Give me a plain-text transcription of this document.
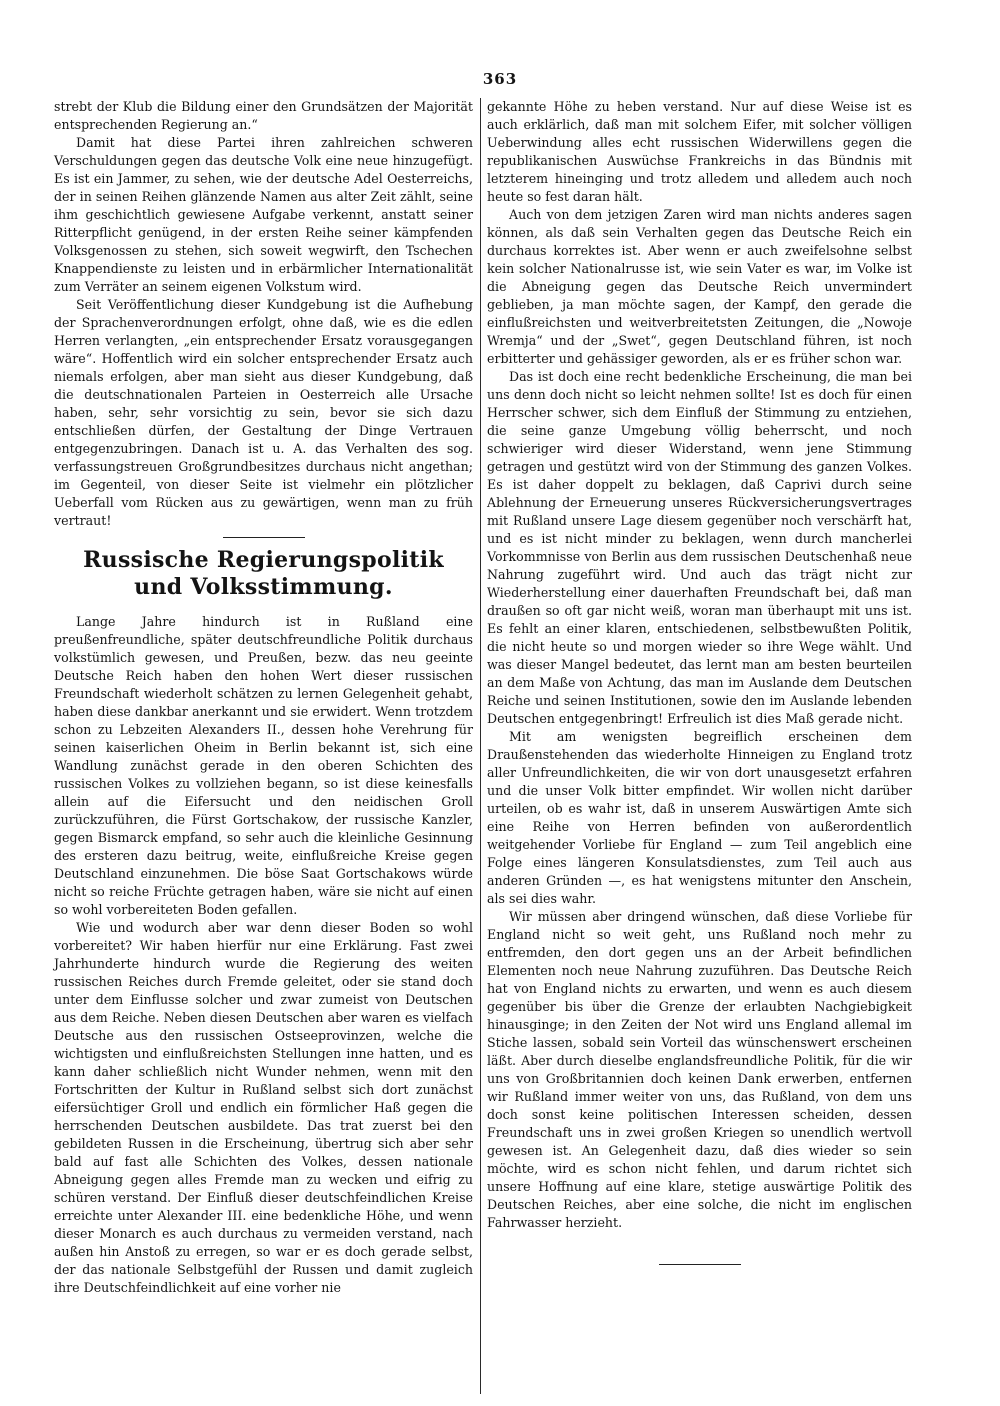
363

strebt der Klub die Bildung einer den Grundsätzen der Majorität entsprechenden Regierung an.“

Damit hat diese Partei ihren zahlreichen schweren Verschuldungen gegen das deutsche Volk eine neue hinzugefügt. Es ist ein Jammer, zu sehen, wie der deutsche Adel Oesterreichs, der in seinen Reihen glänzende Namen aus alter Zeit zählt, seine ihm geschichtlich gewiesene Aufgabe verkennt, anstatt seiner Ritterpflicht genügend, in der ersten Reihe seiner kämpfenden Volksgenossen zu stehen, sich soweit wegwirft, den Tschechen Knappendienste zu leisten und in erbärmlicher Internationalität zum Verräter an seinem eigenen Volkstum wird.

Seit Veröffentlichung dieser Kundgebung ist die Aufhebung der Sprachenverordnungen erfolgt, ohne daß, wie es die edlen Herren verlangten, „ein entsprechender Ersatz vorausgegangen wäre“. Hoffentlich wird ein solcher entsprechender Ersatz auch niemals erfolgen, aber man sieht aus dieser Kundgebung, daß die deutschnationalen Parteien in Oesterreich alle Ursache haben, sehr, sehr vorsichtig zu sein, bevor sie sich dazu entschließen dürfen, der Gestaltung der Dinge Vertrauen entgegenzubringen. Danach ist u. A. das Verhalten des sog. verfassungstreuen Großgrundbesitzes durchaus nicht angethan; im Gegenteil, von dieser Seite ist vielmehr ein plötzlicher Ueberfall vom Rücken aus zu gewärtigen, wenn man zu früh vertraut!

Russische Regierungspolitik
und Volksstimmung.

Lange Jahre hindurch ist in Rußland eine preußenfreundliche, später deutschfreundliche Politik durchaus volkstümlich gewesen, und Preußen, bezw. das neu geeinte Deutsche Reich haben den hohen Wert dieser russischen Freundschaft wiederholt schätzen zu lernen Gelegenheit gehabt, haben diese dankbar anerkannt und sie erwidert. Wenn trotzdem schon zu Lebzeiten Alexanders II., dessen hohe Verehrung für seinen kaiserlichen Oheim in Berlin bekannt ist, sich eine Wandlung zunächst gerade in den oberen Schichten des russischen Volkes zu vollziehen begann, so ist diese keinesfalls allein auf die Eifersucht und den neidischen Groll zurückzuführen, die Fürst Gortschakow, der russische Kanzler, gegen Bismarck empfand, so sehr auch die kleinliche Gesinnung des ersteren dazu beitrug, weite, einflußreiche Kreise gegen Deutschland einzunehmen. Die böse Saat Gortschakows würde nicht so reiche Früchte getragen haben, wäre sie nicht auf einen so wohl vorbereiteten Boden gefallen.

Wie und wodurch aber war denn dieser Boden so wohl vorbereitet? Wir haben hierfür nur eine Erklärung. Fast zwei Jahrhunderte hindurch wurde die Regierung des weiten russischen Reiches durch Fremde geleitet, oder sie stand doch unter dem Einflusse solcher und zwar zumeist von Deutschen aus dem Reiche. Neben diesen Deutschen aber waren es vielfach Deutsche aus den russischen Ostseeprovinzen, welche die wichtigsten und einflußreichsten Stellungen inne hatten, und es kann daher schließlich nicht Wunder nehmen, wenn mit den Fortschritten der Kultur in Rußland selbst sich dort zunächst eifersüchtiger Groll und endlich ein förmlicher Haß gegen die herrschenden Deutschen ausbildete. Das trat zuerst bei den gebildeten Russen in die Erscheinung, übertrug sich aber sehr bald auf fast alle Schichten des Volkes, dessen nationale Abneigung gegen alles Fremde man zu wecken und eifrig zu schüren verstand. Der Einfluß dieser deutschfeindlichen Kreise erreichte unter Alexander III. eine bedenkliche Höhe, und wenn dieser Monarch es auch durchaus zu vermeiden verstand, nach außen hin Anstoß zu erregen, so war er es doch gerade selbst, der das nationale Selbstgefühl der Russen und damit zugleich ihre Deutschfeindlichkeit auf eine vorher nie

gekannte Höhe zu heben verstand. Nur auf diese Weise ist es auch erklärlich, daß man mit solchem Eifer, mit solcher völligen Ueberwindung alles echt russischen Widerwillens gegen die republikanischen Auswüchse Frankreichs in das Bündnis mit letzterem hineinging und trotz alledem und alledem auch noch heute so fest daran hält.

Auch von dem jetzigen Zaren wird man nichts anderes sagen können, als daß sein Verhalten gegen das Deutsche Reich ein durchaus korrektes ist. Aber wenn er auch zweifelsohne selbst kein solcher Nationalrusse ist, wie sein Vater es war, im Volke ist die Abneigung gegen das Deutsche Reich unvermindert geblieben, ja man möchte sagen, der Kampf, den gerade die einflußreichsten und weitverbreitetsten Zeitungen, die „Nowoje Wremja“ und der „Swet“, gegen Deutschland führen, ist noch erbitterter und gehässiger geworden, als er es früher schon war.

Das ist doch eine recht bedenkliche Erscheinung, die man bei uns denn doch nicht so leicht nehmen sollte! Ist es doch für einen Herrscher schwer, sich dem Einfluß der Stimmung zu entziehen, die seine ganze Umgebung völlig beherrscht, und noch schwieriger wird dieser Widerstand, wenn jene Stimmung getragen und gestützt wird von der Stimmung des ganzen Volkes. Es ist daher doppelt zu beklagen, daß Caprivi durch seine Ablehnung der Erneuerung unseres Rückversicherungsvertrages mit Rußland unsere Lage diesem gegenüber noch verschärft hat, und es ist nicht minder zu beklagen, wenn durch mancherlei Vorkommnisse von Berlin aus dem russischen Deutschenhaß neue Nahrung zugeführt wird. Und auch das trägt nicht zur Wiederherstellung einer dauerhaften Freundschaft bei, daß man draußen so oft gar nicht weiß, woran man überhaupt mit uns ist. Es fehlt an einer klaren, entschiedenen, selbstbewußten Politik, die nicht heute so und morgen wieder so ihre Wege wählt. Und was dieser Mangel bedeutet, das lernt man am besten beurteilen an dem Maße von Achtung, das man im Auslande dem Deutschen Reiche und seinen Institutionen, sowie den im Auslande lebenden Deutschen entgegenbringt! Erfreulich ist dies Maß gerade nicht.

Mit am wenigsten begreiflich erscheinen dem Draußenstehenden das wiederholte Hinneigen zu England trotz aller Unfreundlichkeiten, die wir von dort unausgesetzt erfahren und die unser Volk bitter empfindet. Wir wollen nicht darüber urteilen, ob es wahr ist, daß in unserem Auswärtigen Amte sich eine Reihe von Herren befinden von außerordentlich weitgehender Vorliebe für England — zum Teil angeblich eine Folge eines längeren Konsulatsdienstes, zum Teil auch aus anderen Gründen —, es hat wenigstens mitunter den Anschein, als sei dies wahr.

Wir müssen aber dringend wünschen, daß diese Vorliebe für England nicht so weit geht, uns Rußland noch mehr zu entfremden, den dort gegen uns an der Arbeit befindlichen Elementen noch neue Nahrung zuzuführen. Das Deutsche Reich hat von England nichts zu erwarten, und wenn es auch diesem gegenüber bis über die Grenze der erlaubten Nachgiebigkeit hinausginge; in den Zeiten der Not wird uns England allemal im Stiche lassen, sobald sein Vorteil das wünschenswert erscheinen läßt. Aber durch dieselbe englandsfreundliche Politik, für die wir uns von Großbritannien doch keinen Dank erwerben, entfernen wir Rußland immer weiter von uns, das Rußland, von dem uns doch sonst keine politischen Interessen scheiden, dessen Freundschaft uns in zwei großen Kriegen so unendlich wertvoll gewesen ist. An Gelegenheit dazu, daß dies wieder so sein möchte, wird es schon nicht fehlen, und darum richtet sich unsere Hoffnung auf eine klare, stetige auswärtige Politik des Deutschen Reiches, aber eine solche, die nicht im englischen Fahrwasser herzieht.
